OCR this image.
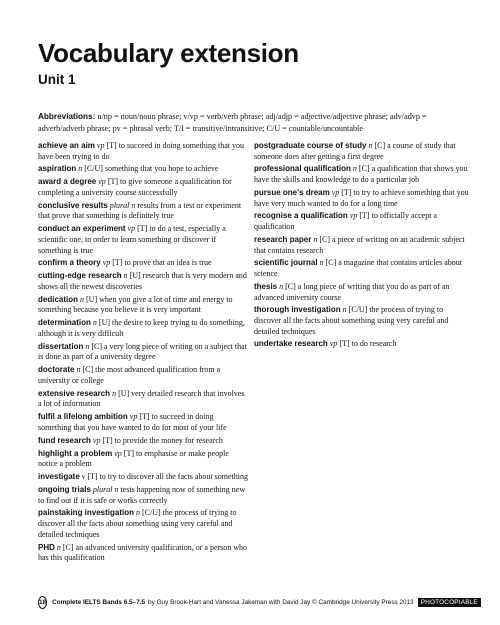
Vocabulary extension
Unit 1
Abbreviations: n/np = noun/noun phrase; v/vp = verb/verb phrase; adj/adjp = adjective/adjective phrase; adv/advp = adverb/adverb phrase; pv = phrasal verb; T/I = transitive/intransitive; C/U = countable/uncountable
achieve an aim vp [T] to succeed in doing something that you have been trying to do
aspiration n [C/U] something that you hope to achieve
award a degree vp [T] to give someone a qualification for completing a university course successfully
conclusive results plural n results from a test or experiment that prove that something is definitely true
conduct an experiment vp [T] to do a test, especially a scientific one, in order to learn something or discover if something is true
confirm a theory vp [T] to prove that an idea is true
cutting-edge research n [U] research that is very modern and shows all the newest discoveries
dedication n [U] when you give a lot of time and energy to something because you believe it is very important
determination n [U] the desire to keep trying to do something, although it is very difficult
dissertation n [C] a very long piece of writing on a subject that is done as part of a university degree
doctorate n [C] the most advanced qualification from a university or college
extensive research n [U] very detailed research that involves a lot of information
fulfil a lifelong ambition vp [T] to succeed in doing something that you have wanted to do for most of your life
fund research vp [T] to provide the money for research
highlight a problem vp [T] to emphasise or make people notice a problem
investigate v [T] to try to discover all the facts about something
ongoing trials plural n tests happening now of something new to find out if it is safe or works correctly
painstaking investigation n [C/U] the process of trying to discover all the facts about something using very careful and detailed techniques
PHD n [C] an advanced university qualification, or a person who has this qualification
postgraduate course of study n [C] a course of study that someone does after getting a first degree
professional qualification n [C] a qualification that shows you have the skills and knowledge to do a particular job
pursue one's dream vp [T] to try to achieve something that you have very much wanted to do for a long time
recognise a qualification vp [T] to officially accept a qualification
research paper n [C] a piece of writing on an academic subject that contains research
scientific journal n [C] a magazine that contains articles about science
thesis n [C] a long piece of writing that you do as part of an advanced university course
thorough investigation n [C/U] the process of trying to discover all the facts about something using very careful and detailed techniques
undertake research vp [T] to do research
18 Complete IELTS Bands 6.5–7.5 by Guy Brook-Hart and Vanessa Jakeman with David Jay © Cambridge University Press 2013	PHOTOCOPIABLE
